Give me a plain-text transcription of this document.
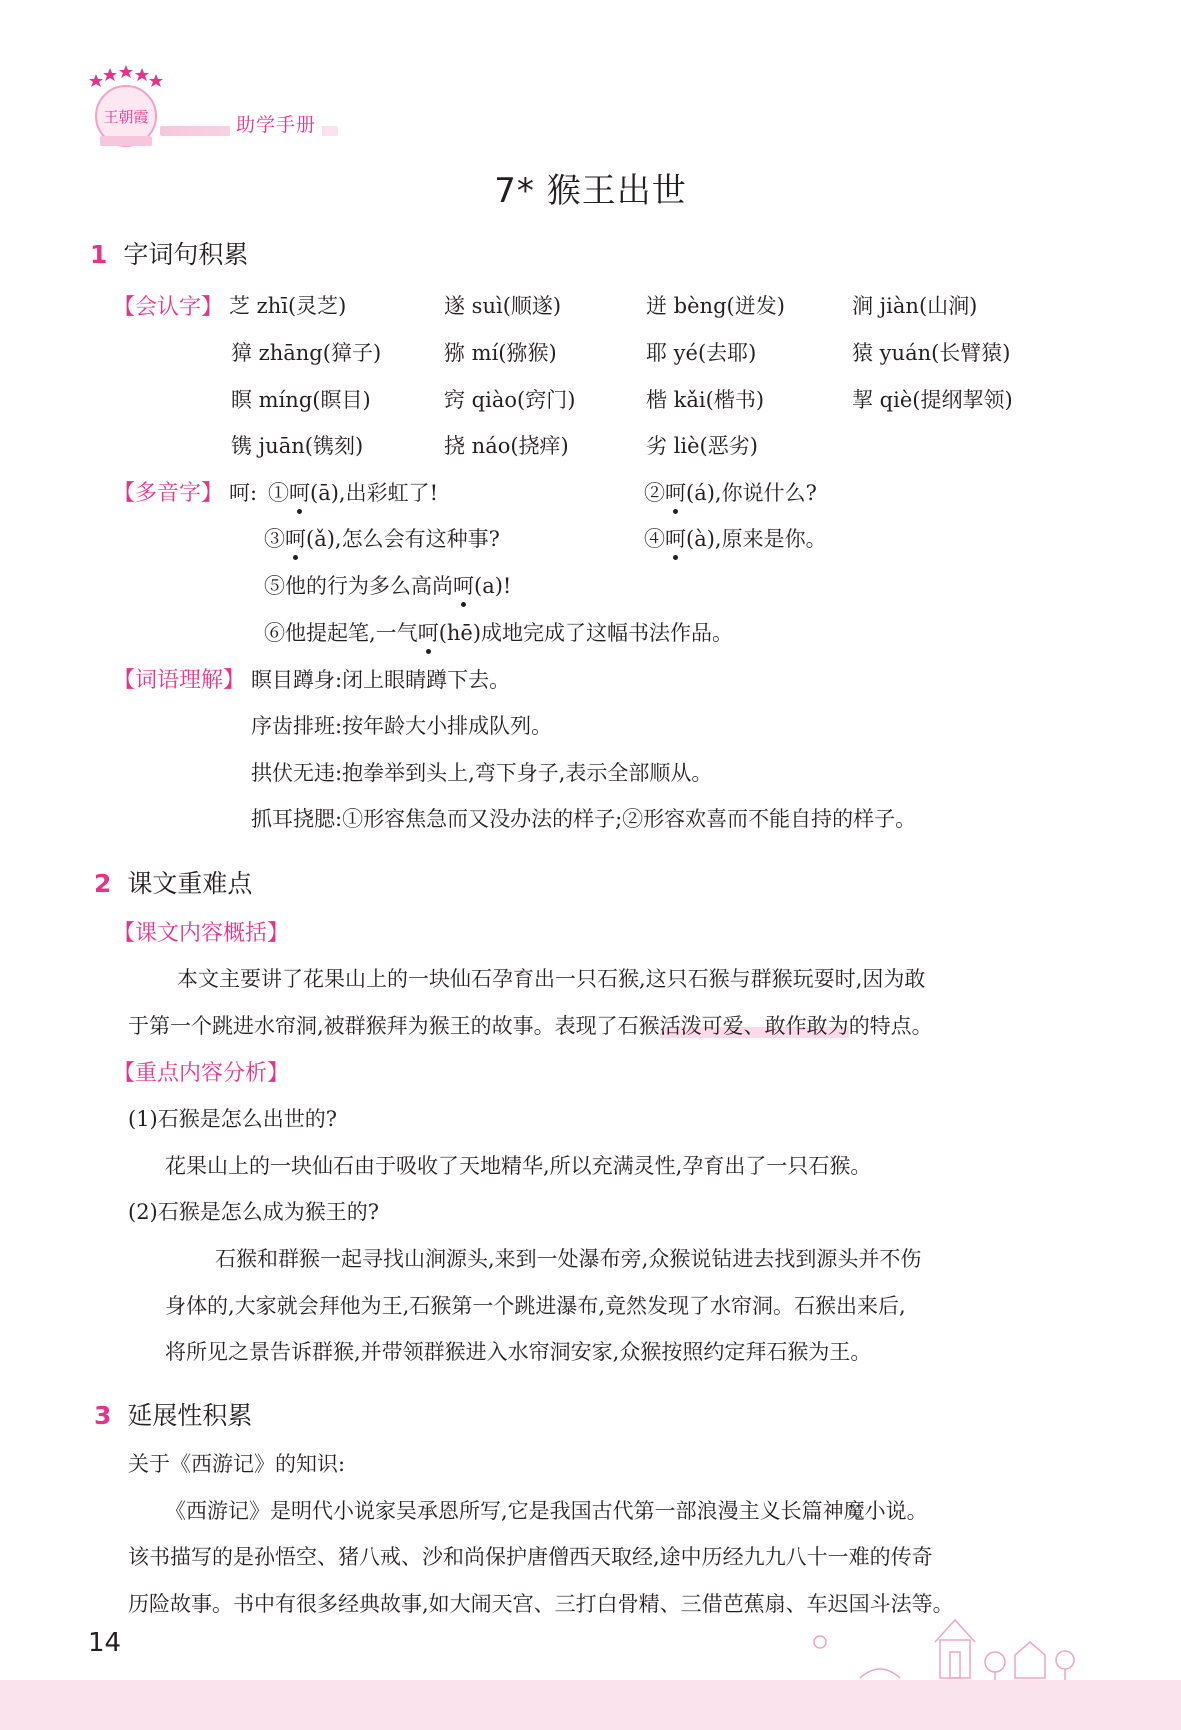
王朝霞	助学手册
7* 猴王出世
1 字词句积累
【会认字】 芝 zhī(灵芝)	遂 suì(顺遂)	迸 bèng(迸发)	涧 jiàn(山涧)
獐 zhāng(獐子)	猕 mí(猕猴)	耶 yé(去耶)	猿 yuán(长臂猿)
瞑 míng(瞑目)	窍 qiào(窍门)	楷 kǎi(楷书)	挈 qiè(提纲挈领)
镌 juān(镌刻)	挠 náo(挠痒)	劣 liè(恶劣)
【多音字】 呵: ①呵(ā),出彩虹了!	②呵(á),你说什么?
③呵(ǎ),怎么会有这种事?	④呵(à),原来是你。
⑤他的行为多么高尚呵(a)!
⑥他提起笔,一气呵(hē)成地完成了这幅书法作品。
【词语理解】 瞑目蹲身:闭上眼睛蹲下去。
序齿排班:按年龄大小排成队列。
拱伏无违:抱拳举到头上,弯下身子,表示全部顺从。
抓耳挠腮:①形容焦急而又没办法的样子;②形容欢喜而不能自持的样子。
2 课文重难点
【课文内容概括】
本文主要讲了花果山上的一块仙石孕育出一只石猴,这只石猴与群猴玩耍时,因为敢
于第一个跳进水帘洞,被群猴拜为猴王的故事。表现了石猴活泼可爱、敢作敢为的特点。
【重点内容分析】
(1)石猴是怎么出世的?
花果山上的一块仙石由于吸收了天地精华,所以充满灵性,孕育出了一只石猴。
(2)石猴是怎么成为猴王的?
石猴和群猴一起寻找山涧源头,来到一处瀑布旁,众猴说钻进去找到源头并不伤
身体的,大家就会拜他为王,石猴第一个跳进瀑布,竟然发现了水帘洞。石猴出来后,
将所见之景告诉群猴,并带领群猴进入水帘洞安家,众猴按照约定拜石猴为王。
3 延展性积累
关于《西游记》的知识:
《西游记》是明代小说家吴承恩所写,它是我国古代第一部浪漫主义长篇神魔小说。
该书描写的是孙悟空、猪八戒、沙和尚保护唐僧西天取经,途中历经九九八十一难的传奇
历险故事。书中有很多经典故事,如大闹天宫、三打白骨精、三借芭蕉扇、车迟国斗法等。
14
